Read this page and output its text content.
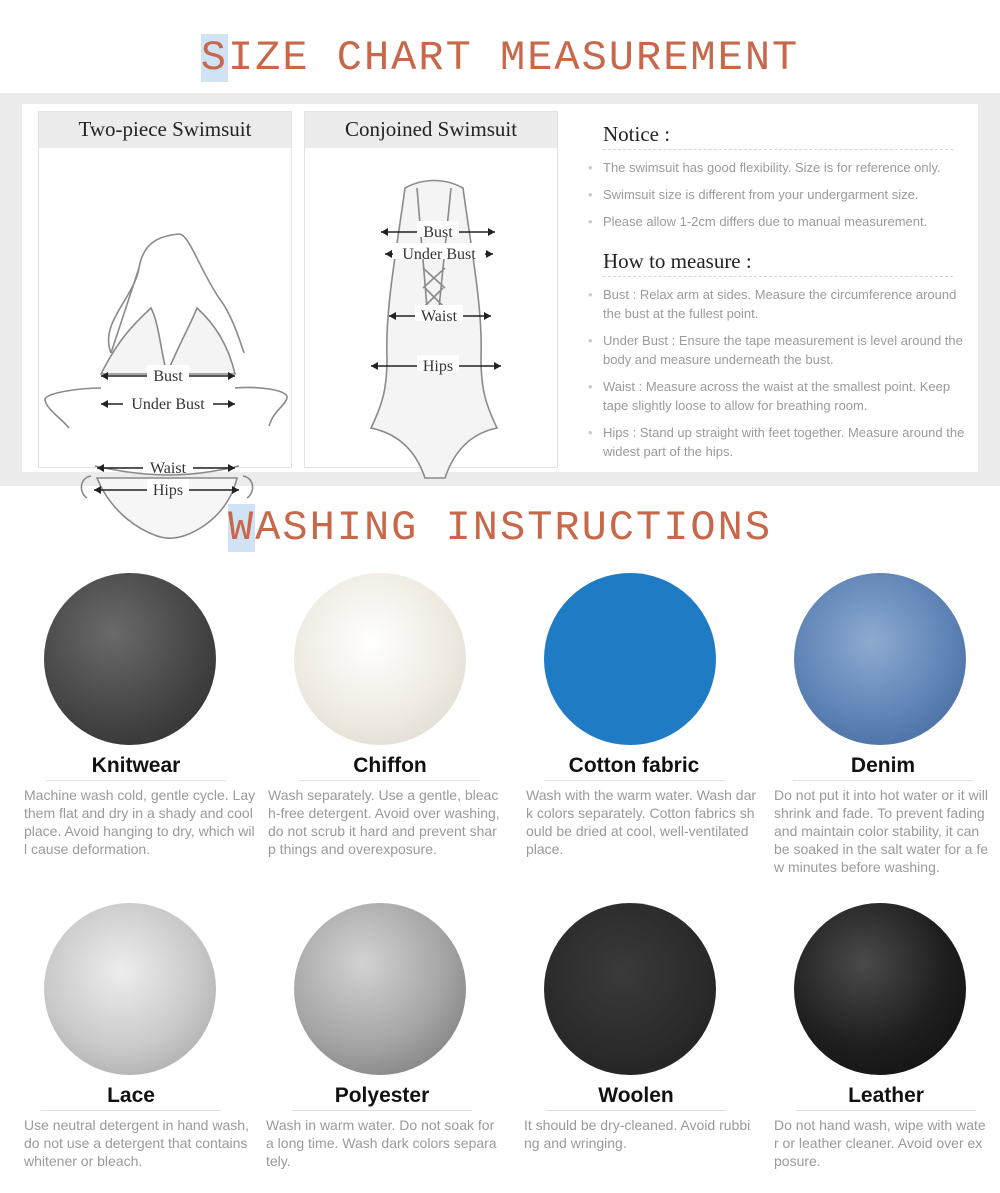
SIZE CHART MEASUREMENT
Two-piece Swimsuit
Bust
Under Bust
Waist
Hips
Conjoined Swimsuit
Bust
Under Bust
Waist
Hips
Notice :
• The swimsuit has good flexibility. Size is for reference only.
• Swimsuit size is different from your undergarment size.
• Please allow 1-2cm differs due to manual measurement.
How to measure :
• Bust : Relax arm at sides. Measure the circumference around the bust at the fullest point.
• Under Bust : Ensure the tape measurement is level around the body and measure underneath the bust.
• Waist : Measure across the waist at the smallest point. Keep tape slightly loose to allow for breathing room.
• Hips : Stand up straight with feet together. Measure around the widest part of the hips.
WASHING INSTRUCTIONS
Knitwear
Machine wash cold, gentle cycle. Lay them flat and dry in a shady and cool place. Avoid hanging to dry, which will cause deformation.
Chiffon
Wash separately. Use a gentle, bleach-free detergent. Avoid over washing, do not scrub it hard and prevent sharp things and overexposure.
Cotton fabric
Wash with the warm water. Wash dark colors separately. Cotton fabrics should be dried at cool, well-ventilated place.
Denim
Do not put it into hot water or it will shrink and fade. To prevent fading and maintain color stability, it can be soaked in the salt water for a few minutes before washing.
Lace
Use neutral detergent in hand wash, do not use a detergent that contains whitener or bleach.
Polyester
Wash in warm water. Do not soak for a long time. Wash dark colors separately.
Woolen
It should be dry-cleaned. Avoid rubbing and wringing.
Leather
Do not hand wash, wipe with water or leather cleaner. Avoid over exposure.
